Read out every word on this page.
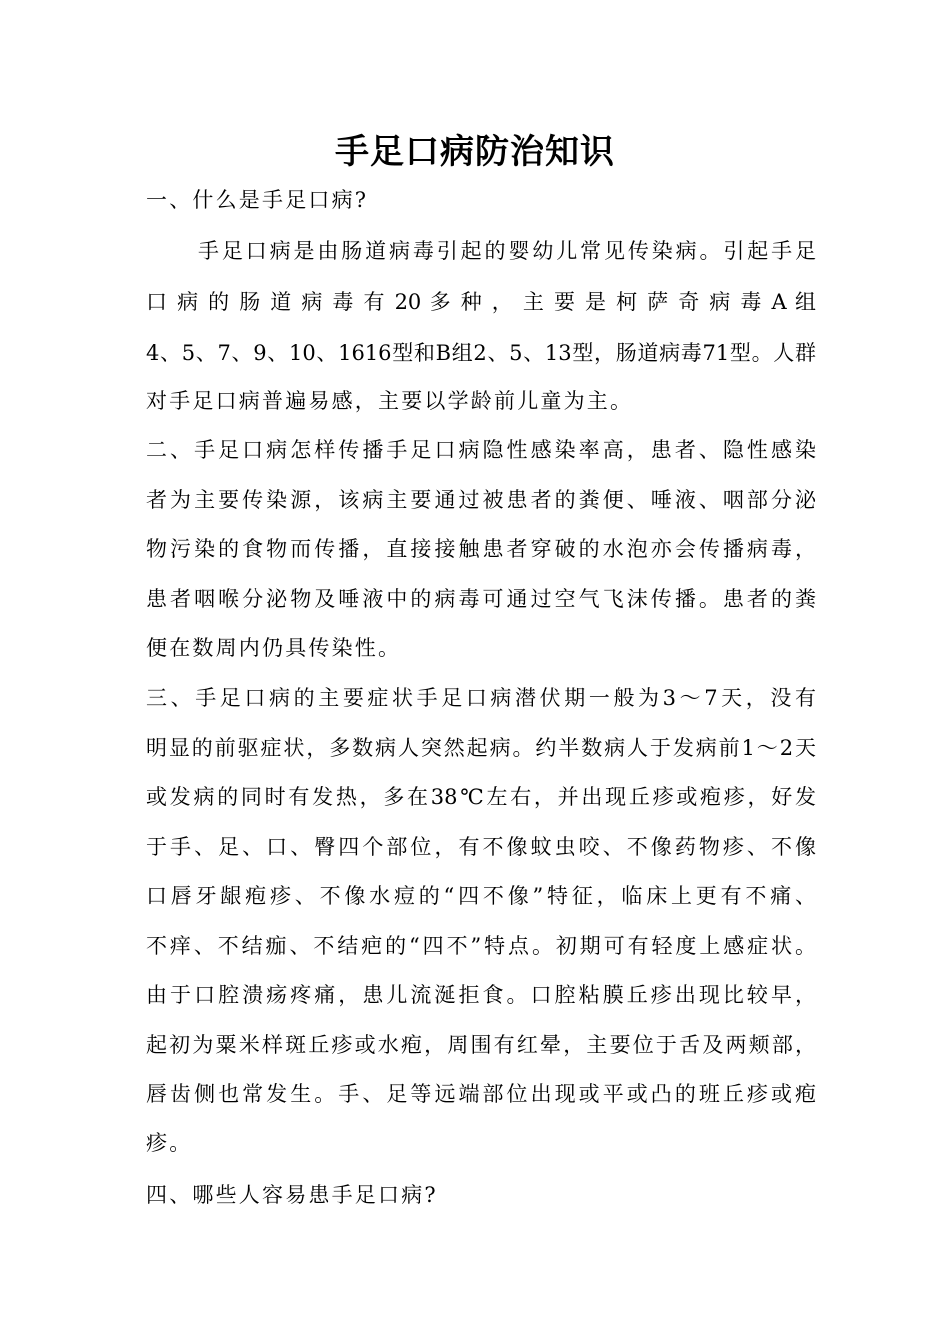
手足口病防治知识
一、什么是手足口病?
手足口病是由肠道病毒引起的婴幼儿常见传染病。引起手足
口 病 的 肠 道 病 毒 有 20 多 种 ， 主 要 是 柯 萨 奇 病 毒 A 组
4、5、7、9、10、1616型和B组2、5、13型，肠道病毒71型。人群
对手足口病普遍易感，主要以学龄前儿童为主。
二、手足口病怎样传播手足口病隐性感染率高，患者、隐性感染
者为主要传染源，该病主要通过被患者的粪便、唾液、咽部分泌
物污染的食物而传播，直接接触患者穿破的水泡亦会传播病毒，
患者咽喉分泌物及唾液中的病毒可通过空气飞沫传播。患者的粪
便在数周内仍具传染性。
三、手足口病的主要症状手足口病潜伏期一般为3～7天，没有
明显的前驱症状，多数病人突然起病。约半数病人于发病前1～2天
或发病的同时有发热，多在38℃左右，并出现丘疹或疱疹，好发
于手、足、口、臀四个部位，有不像蚊虫咬、不像药物疹、不像
口唇牙龈疱疹、不像水痘的“四不像”特征，临床上更有不痛、
不痒、不结痂、不结疤的“四不”特点。初期可有轻度上感症状。
由于口腔溃疡疼痛，患儿流涎拒食。口腔粘膜丘疹出现比较早，
起初为粟米样斑丘疹或水疱，周围有红晕，主要位于舌及两颊部，
唇齿侧也常发生。手、足等远端部位出现或平或凸的班丘疹或疱
疹。
四、哪些人容易患手足口病?
